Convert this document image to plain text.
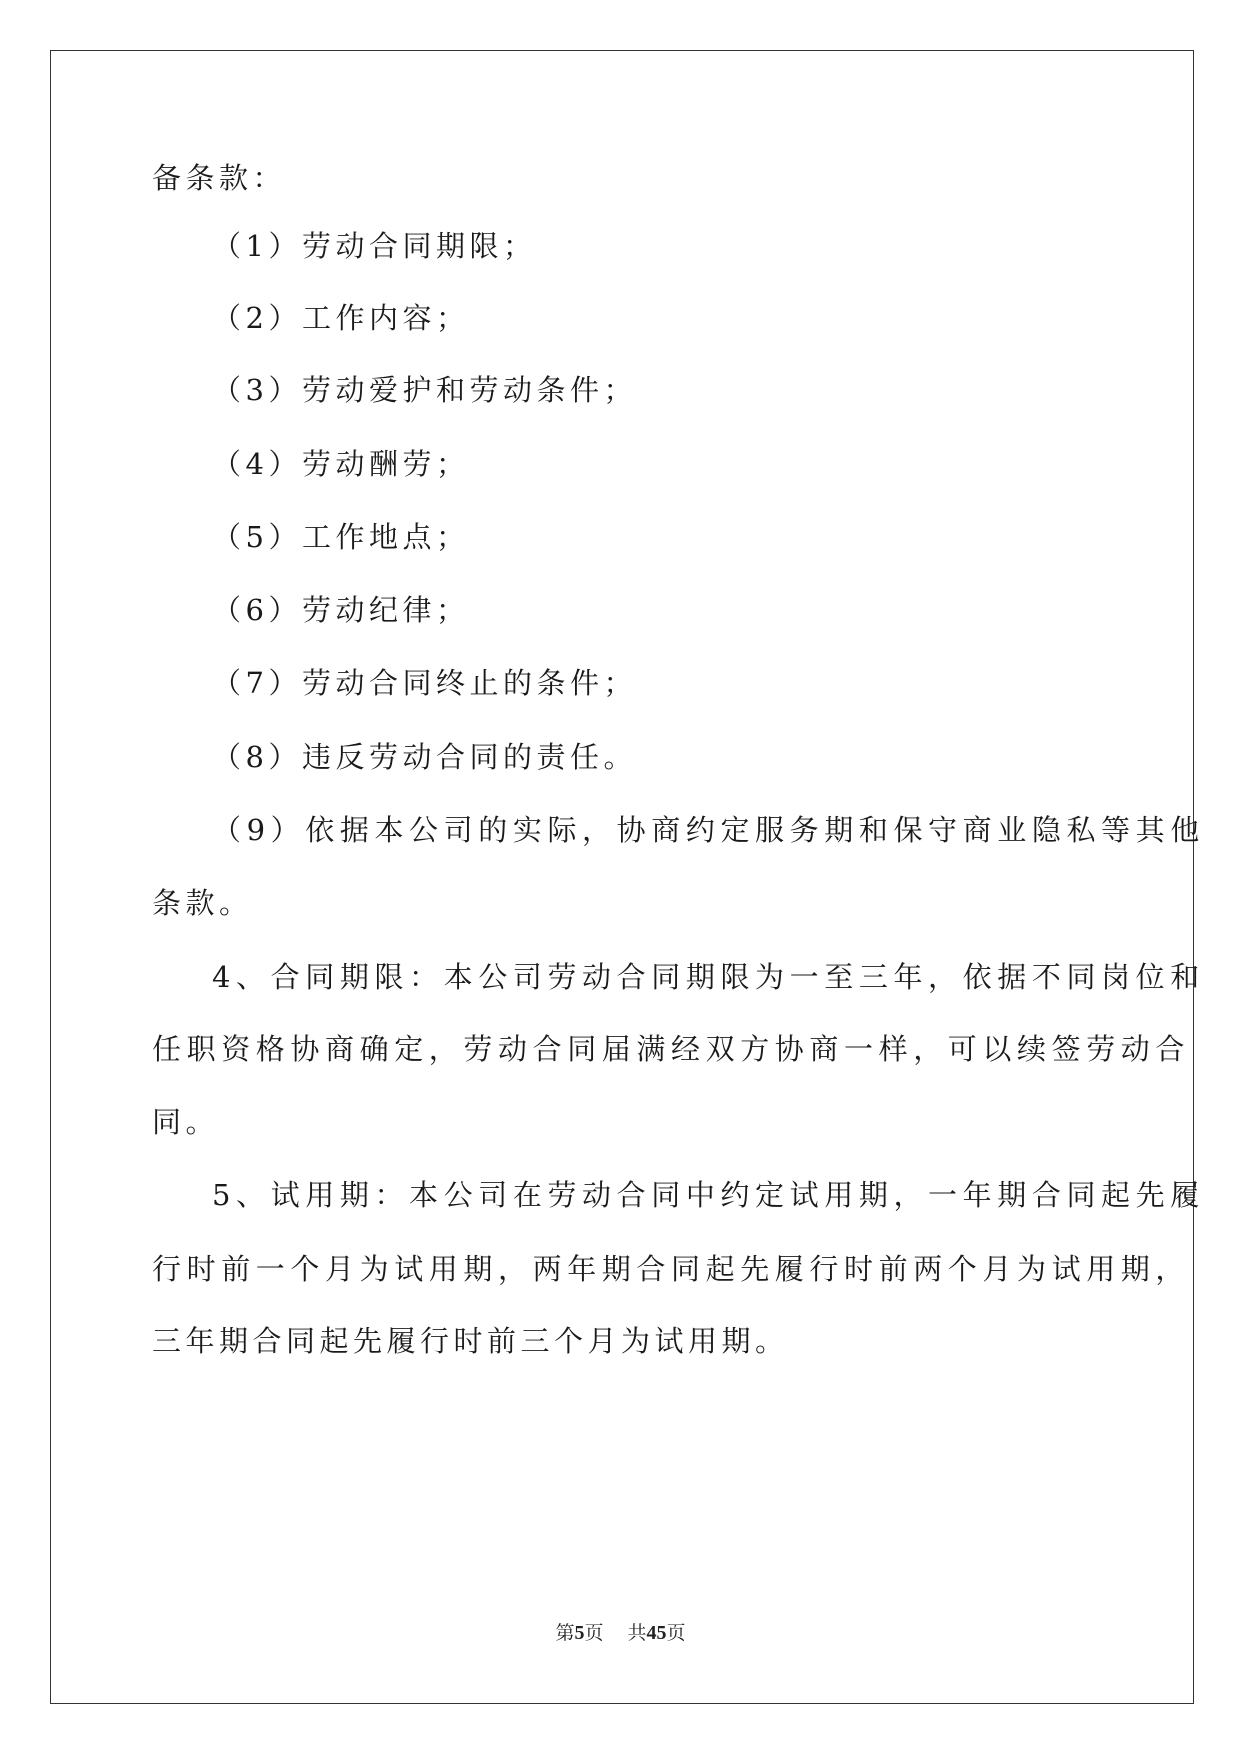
备条款：
（1）劳动合同期限；
（2）工作内容；
（3）劳动爱护和劳动条件；
（4）劳动酬劳；
（5）工作地点；
（6）劳动纪律；
（7）劳动合同终止的条件；
（8）违反劳动合同的责任。
（9）依据本公司的实际，协商约定服务期和保守商业隐私等其他
条款。
4、合同期限：本公司劳动合同期限为一至三年，依据不同岗位和
任职资格协商确定，劳动合同届满经双方协商一样，可以续签劳动合
同。
5、试用期：本公司在劳动合同中约定试用期，一年期合同起先履
行时前一个月为试用期，两年期合同起先履行时前两个月为试用期，
三年期合同起先履行时前三个月为试用期。
第5页 共45页
